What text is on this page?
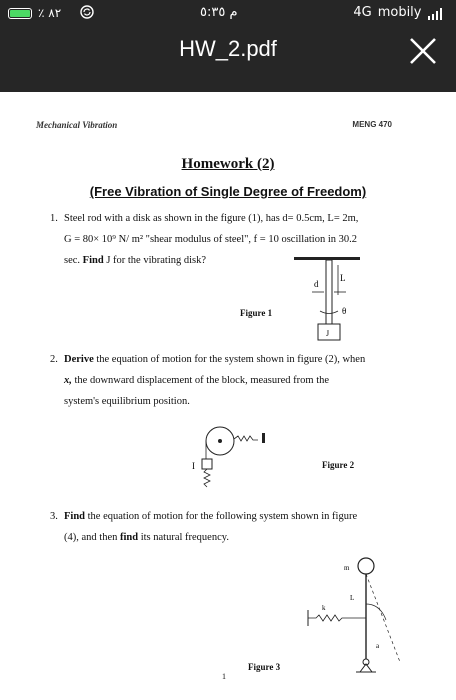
٪ ٨٢	م ٥:٣٥	4G mobily
HW_2.pdf
Mechanical Vibration	MENG 470
Homework (2)
(Free Vibration of Single Degree of Freedom)
1. Steel rod with a disk as shown in the figure (1), has d= 0.5cm, L= 2m,
G = 80× 10⁹ N/ m² "shear modulus of steel", f = 10 oscillation in 30.2
sec. Find J for the vibrating disk?
L
d
θ
J
Figure 1
2. Derive the equation of motion for the system shown in figure (2), when
x, the downward displacement of the block, measured from the
system's equilibrium position.
I	Figure 2
3. Find the equation of motion for the following system shown in figure
(4), and then find its natural frequency.
m
L
k
a
Figure 3
1
